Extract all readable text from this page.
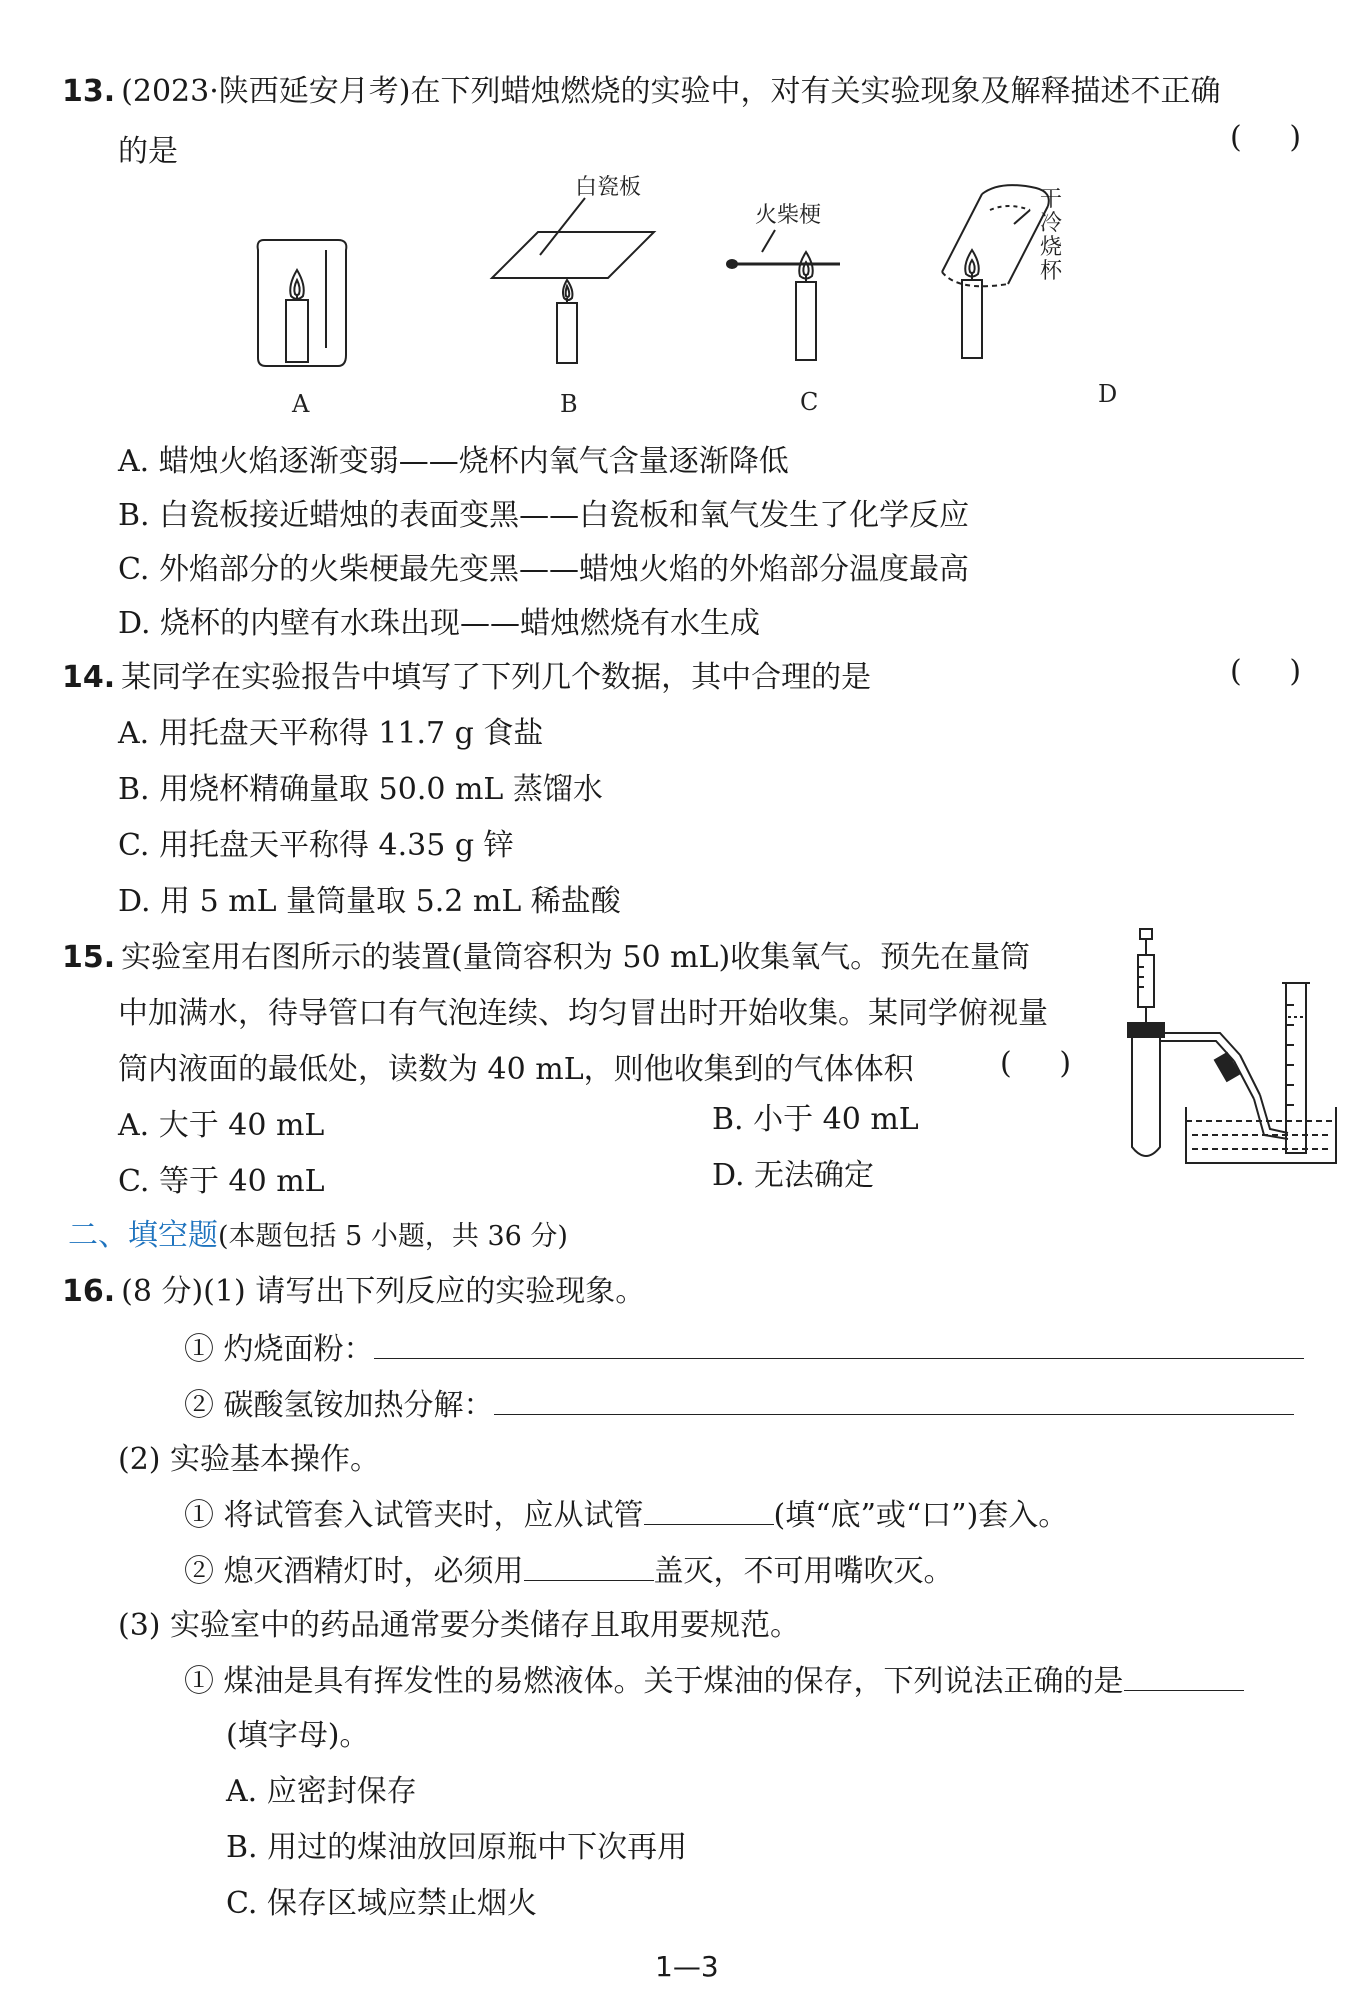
13. (2023·陕西延安月考)在下列蜡烛燃烧的实验中，对有关实验现象及解释描述不正确
的是	(     )
A
白瓷板
B
火柴梗
C
干
冷
烧
杯
D
A. 蜡烛火焰逐渐变弱——烧杯内氧气含量逐渐降低
B. 白瓷板接近蜡烛的表面变黑——白瓷板和氧气发生了化学反应
C. 外焰部分的火柴梗最先变黑——蜡烛火焰的外焰部分温度最高
D. 烧杯的内壁有水珠出现——蜡烛燃烧有水生成
14. 某同学在实验报告中填写了下列几个数据，其中合理的是	(     )
A. 用托盘天平称得 11.7 g 食盐
B. 用烧杯精确量取 50.0 mL 蒸馏水
C. 用托盘天平称得 4.35 g 锌
D. 用 5 mL 量筒量取 5.2 mL 稀盐酸
15. 实验室用右图所示的装置(量筒容积为 50 mL)收集氧气。预先在量筒
中加满水，待导管口有气泡连续、均匀冒出时开始收集。某同学俯视量
筒内液面的最低处，读数为 40 mL，则他收集到的气体体积	(     )
A. 大于 40 mL	B. 小于 40 mL
C. 等于 40 mL	D. 无法确定
二、填空题(本题包括 5 小题，共 36 分)
16. (8 分)(1) 请写出下列反应的实验现象。
① 灼烧面粉：
② 碳酸氢铵加热分解：
(2) 实验基本操作。
① 将试管套入试管夹时，应从试管	(填“底”或“口”)套入。
② 熄灭酒精灯时，必须用	盖灭，不可用嘴吹灭。
(3) 实验室中的药品通常要分类储存且取用要规范。
① 煤油是具有挥发性的易燃液体。关于煤油的保存，下列说法正确的是
(填字母)。
A. 应密封保存
B. 用过的煤油放回原瓶中下次再用
C. 保存区域应禁止烟火
1—3
